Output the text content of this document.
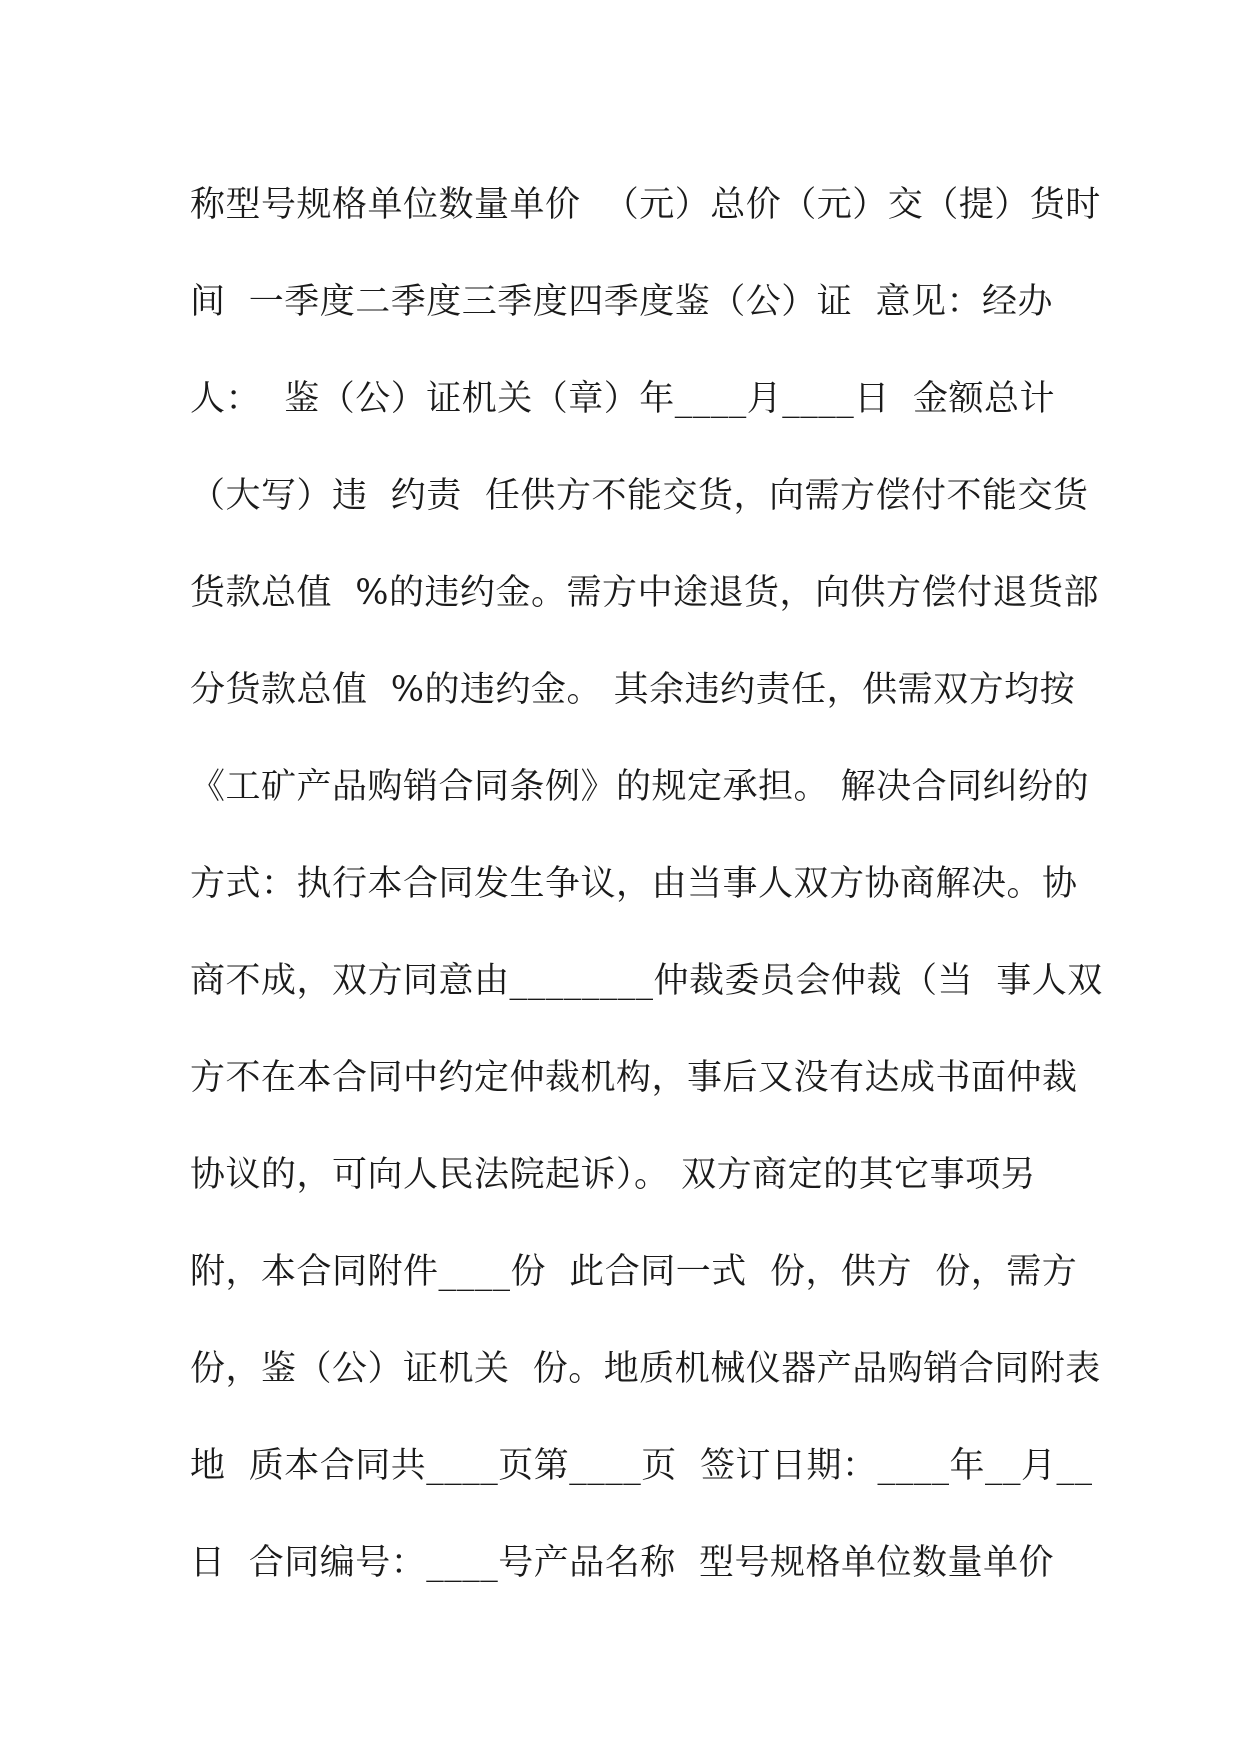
称型号规格单位数量单价  （元）总价（元）交（提）货时
间  一季度二季度三季度四季度鉴（公）证  意见：经办
人：  鉴（公）证机关（章）年____月____日  金额总计
（大写）违  约责  任供方不能交货，向需方偿付不能交货
货款总值  %的违约金。需方中途退货，向供方偿付退货部
分货款总值  %的违约金。 其余违约责任，供需双方均按
《工矿产品购销合同条例》的规定承担。 解决合同纠纷的
方式：执行本合同发生争议，由当事人双方协商解决。协
商不成，双方同意由________仲裁委员会仲裁（当  事人双
方不在本合同中约定仲裁机构，事后又没有达成书面仲裁
协议的，可向人民法院起诉）。 双方商定的其它事项另
附，本合同附件____份  此合同一式  份，供方  份，需方
份，鉴（公）证机关  份。地质机械仪器产品购销合同附表
地  质本合同共____页第____页  签订日期：____年__月__
日  合同编号：____号产品名称  型号规格单位数量单价
